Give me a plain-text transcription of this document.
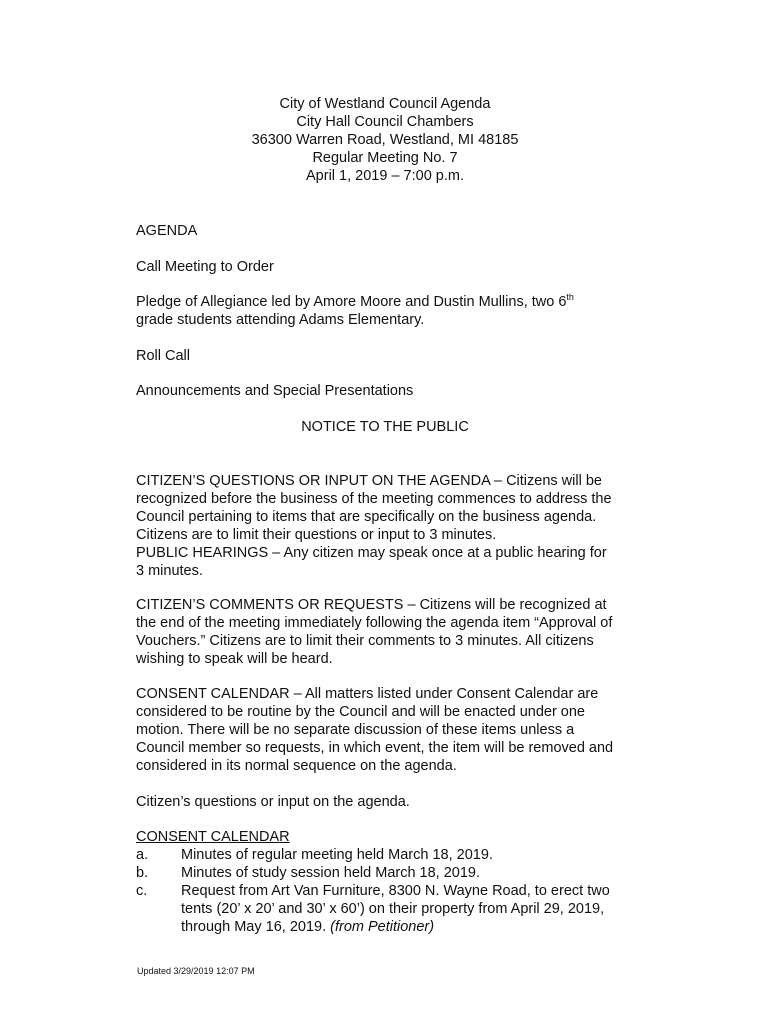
City of Westland Council Agenda
City Hall Council Chambers
36300 Warren Road, Westland, MI 48185
Regular Meeting No. 7
April 1, 2019 – 7:00 p.m.
AGENDA
Call Meeting to Order
Pledge of Allegiance led by Amore Moore and Dustin Mullins, two 6th
grade students attending Adams Elementary.
Roll Call
Announcements and Special Presentations
NOTICE TO THE PUBLIC
CITIZEN’S QUESTIONS OR INPUT ON THE AGENDA – Citizens will be
recognized before the business of the meeting commences to address the
Council pertaining to items that are specifically on the business agenda.
Citizens are to limit their questions or input to 3 minutes.
PUBLIC HEARINGS – Any citizen may speak once at a public hearing for
3 minutes.
CITIZEN’S COMMENTS OR REQUESTS – Citizens will be recognized at
the end of the meeting immediately following the agenda item “Approval of
Vouchers.” Citizens are to limit their comments to 3 minutes. All citizens
wishing to speak will be heard.
CONSENT CALENDAR – All matters listed under Consent Calendar are
considered to be routine by the Council and will be enacted under one
motion. There will be no separate discussion of these items unless a
Council member so requests, in which event, the item will be removed and
considered in its normal sequence on the agenda.
Citizen’s questions or input on the agenda.
CONSENT CALENDAR
a. Minutes of regular meeting held March 18, 2019.
b. Minutes of study session held March 18, 2019.
c. Request from Art Van Furniture, 8300 N. Wayne Road, to erect two
tents (20’ x 20’ and 30’ x 60’) on their property from April 29, 2019,
through May 16, 2019. (from Petitioner)
Updated 3/29/2019 12:07 PM
